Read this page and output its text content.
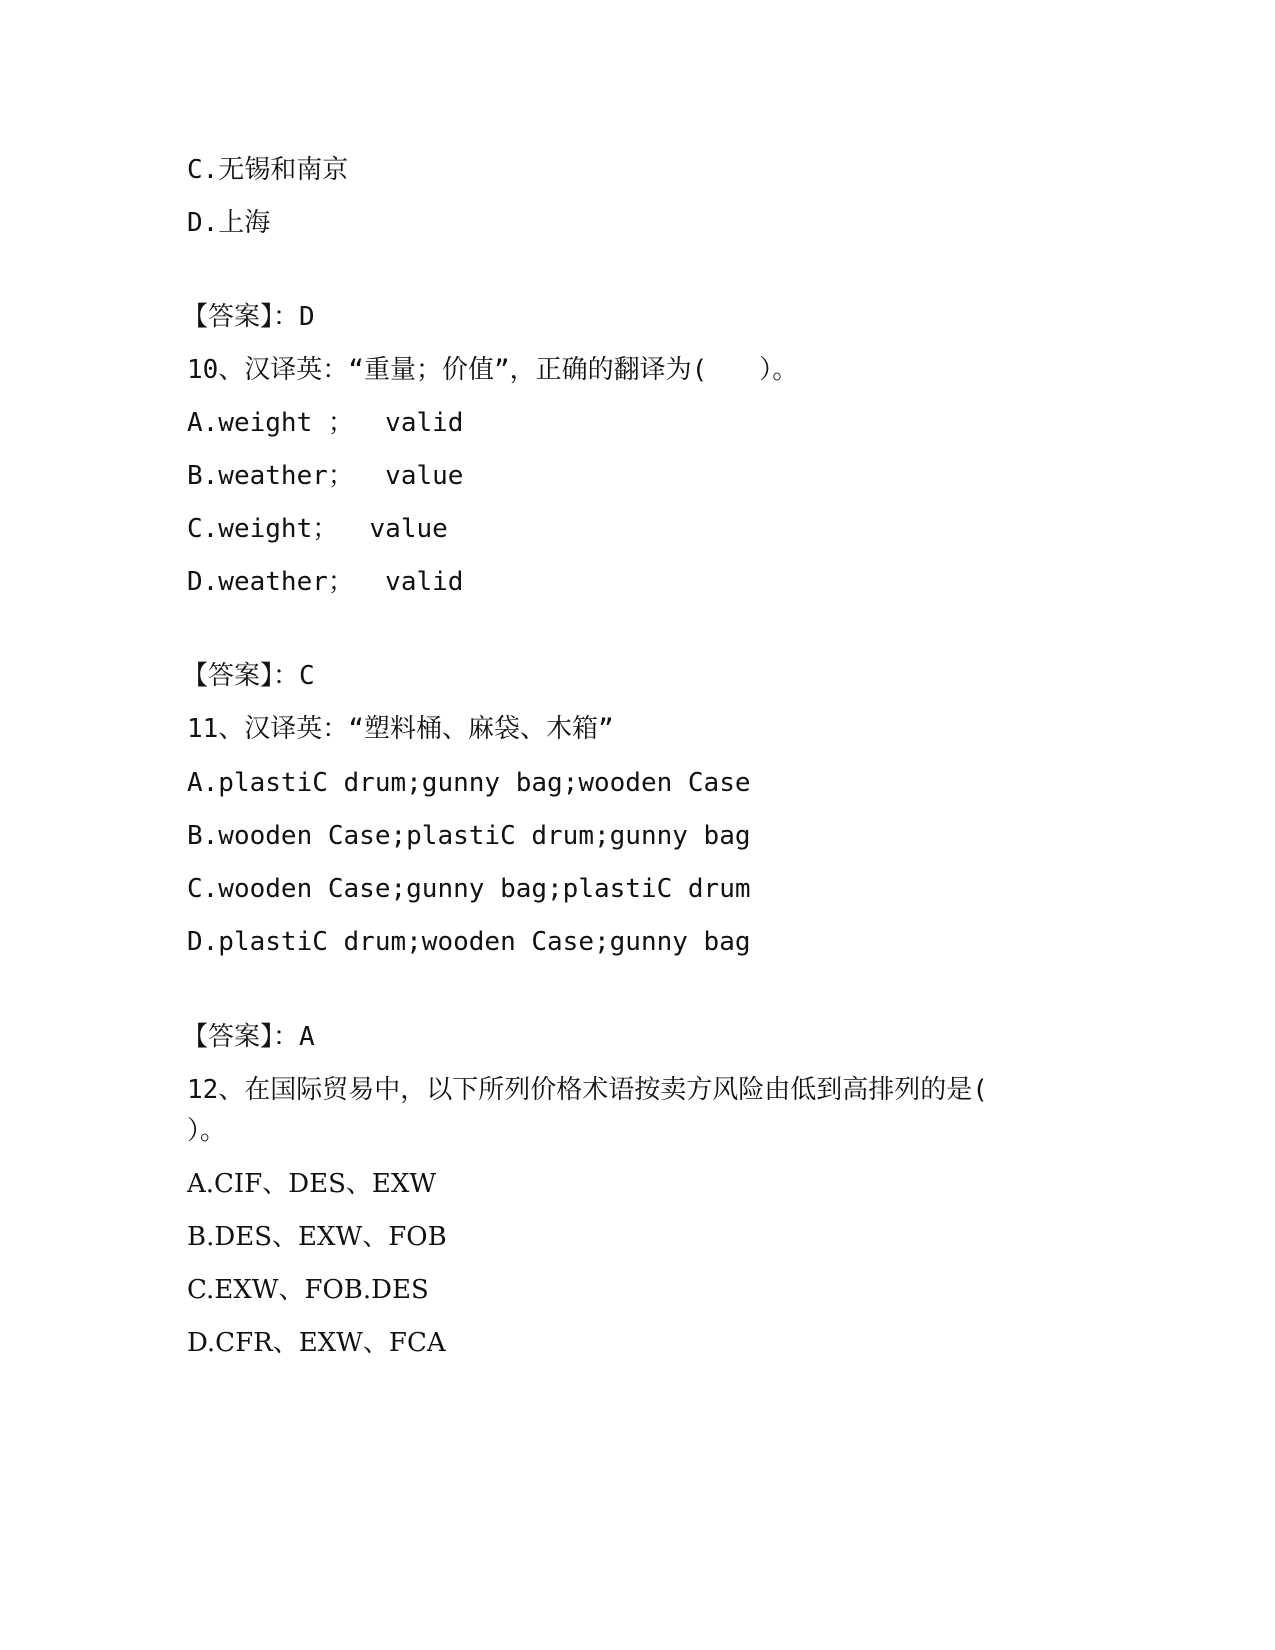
C.无锡和南京

D.上海

【答案】：D

10、汉译英：“重量；价值”，正确的翻译为(　　）。

A.weight ；  valid

B.weather；  value

C.weight；  value

D.weather；  valid

【答案】：C

11、汉译英：“塑料桶、麻袋、木箱”

A.plastiC drum;gunny bag;wooden Case

B.wooden Case;plastiC drum;gunny bag

C.wooden Case;gunny bag;plastiC drum

D.plastiC drum;wooden Case;gunny bag

【答案】：A

12、在国际贸易中，以下所列价格术语按卖方风险由低到高排列的是(

）。

A.CIF、DES、EXW

B.DES、EXW、FOB

C.EXW、FOB.DES

D.CFR、EXW、FCA
